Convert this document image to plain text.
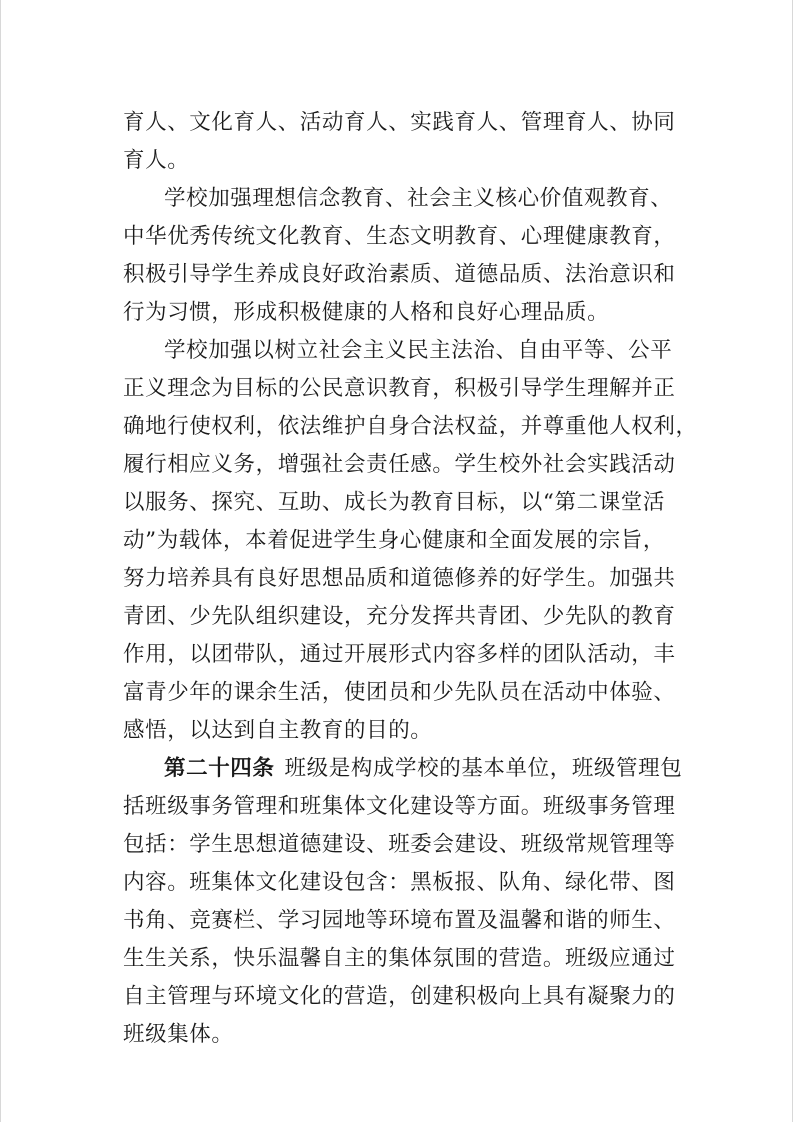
育人、文化育人、活动育人、实践育人、管理育人、协同
育人。
学校加强理想信念教育、社会主义核心价值观教育、
中华优秀传统文化教育、生态文明教育、心理健康教育，
积极引导学生养成良好政治素质、道德品质、法治意识和
行为习惯，形成积极健康的人格和良好心理品质。
学校加强以树立社会主义民主法治、自由平等、公平
正义理念为目标的公民意识教育，积极引导学生理解并正
确地行使权利，依法维护自身合法权益，并尊重他人权利，
履行相应义务，增强社会责任感。学生校外社会实践活动
以服务、探究、互助、成长为教育目标，以“第二课堂活
动”为载体，本着促进学生身心健康和全面发展的宗旨，
努力培养具有良好思想品质和道德修养的好学生。加强共
青团、少先队组织建设，充分发挥共青团、少先队的教育
作用，以团带队，通过开展形式内容多样的团队活动，丰
富青少年的课余生活，使团员和少先队员在活动中体验、
感悟，以达到自主教育的目的。
第二十四条 班级是构成学校的基本单位，班级管理包
括班级事务管理和班集体文化建设等方面。班级事务管理
包括：学生思想道德建设、班委会建设、班级常规管理等
内容。班集体文化建设包含：黑板报、队角、绿化带、图
书角、竞赛栏、学习园地等环境布置及温馨和谐的师生、
生生关系，快乐温馨自主的集体氛围的营造。班级应通过
自主管理与环境文化的营造，创建积极向上具有凝聚力的
班级集体。
